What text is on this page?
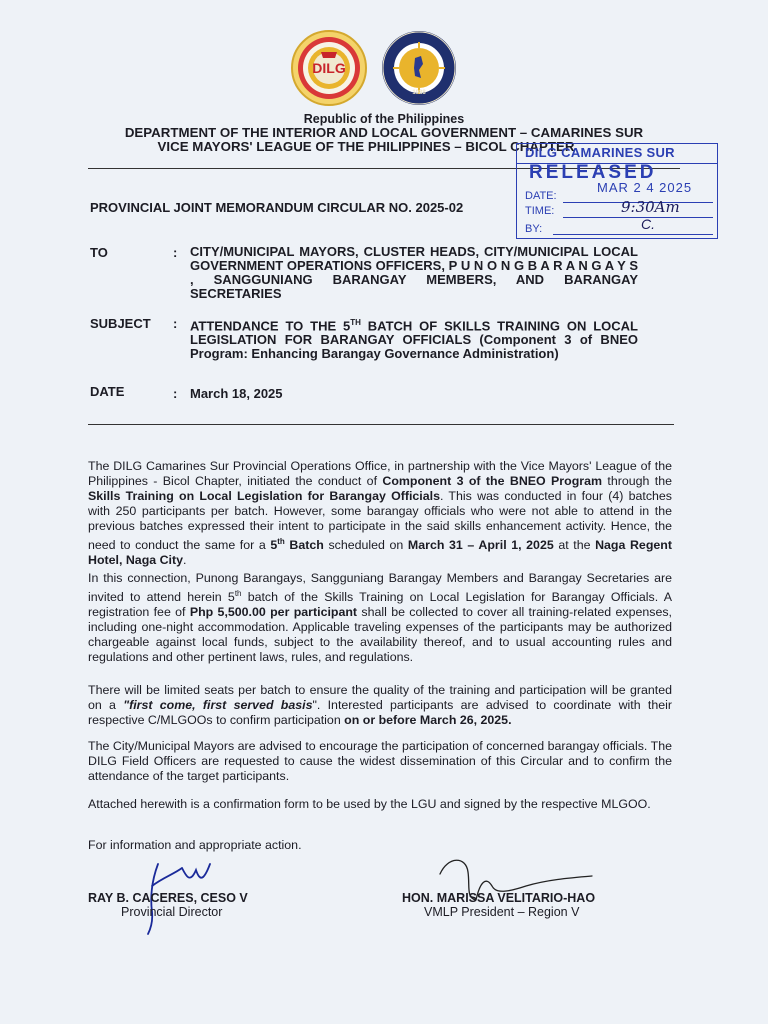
DILG
1988
Republic of the Philippines
DEPARTMENT OF THE INTERIOR AND LOCAL GOVERNMENT – CAMARINES SUR
VICE MAYORS' LEAGUE OF THE PHILIPPINES – BICOL CHAPTER
DILG CAMARINES SUR
RELEASED
DATE:
MAR 2 4 2025
TIME:	9:30Am
BY:	C.
PROVINCIAL JOINT MEMORANDUM CIRCULAR NO. 2025-02
TO	: CITY/MUNICIPAL MAYORS, CLUSTER HEADS, CITY/MUNICIPAL LOCAL GOVERNMENT OPERATIONS OFFICERS, P U N O N G B A R A N G A Y S , SANGGUNIANG BARANGAY MEMBERS, AND BARANGAY SECRETARIES
SUBJECT : ATTENDANCE TO THE 5TH BATCH OF SKILLS TRAINING ON LOCAL LEGISLATION FOR BARANGAY OFFICIALS (Component 3 of BNEO Program: Enhancing Barangay Governance Administration)
DATE	: March 18, 2025
The DILG Camarines Sur Provincial Operations Office, in partnership with the Vice Mayors' League of the Philippines - Bicol Chapter, initiated the conduct of Component 3 of the BNEO Program through the Skills Training on Local Legislation for Barangay Officials. This was conducted in four (4) batches with 250 participants per batch. However, some barangay officials who were not able to attend in the previous batches expressed their intent to participate in the said skills enhancement activity. Hence, the need to conduct the same for a 5th Batch scheduled on March 31 – April 1, 2025 at the Naga Regent Hotel, Naga City.
In this connection, Punong Barangays, Sangguniang Barangay Members and Barangay Secretaries are invited to attend herein 5th batch of the Skills Training on Local Legislation for Barangay Officials. A registration fee of Php 5,500.00 per participant shall be collected to cover all training-related expenses, including one-night accommodation. Applicable traveling expenses of the participants may be authorized chargeable against local funds, subject to the availability thereof, and to usual accounting rules and regulations and other pertinent laws, rules, and regulations.
There will be limited seats per batch to ensure the quality of the training and participation will be granted on a "first come, first served basis". Interested participants are advised to coordinate with their respective C/MLGOOs to confirm participation on or before March 26, 2025.
The City/Municipal Mayors are advised to encourage the participation of concerned barangay officials. The DILG Field Officers are requested to cause the widest dissemination of this Circular and to confirm the attendance of the target participants.
Attached herewith is a confirmation form to be used by the LGU and signed by the respective MLGOO.
For information and appropriate action.
RAY B. CACERES, CESO V
Provincial Director
HON. MARISSA VELITARIO-HAO
VMLP President – Region V
